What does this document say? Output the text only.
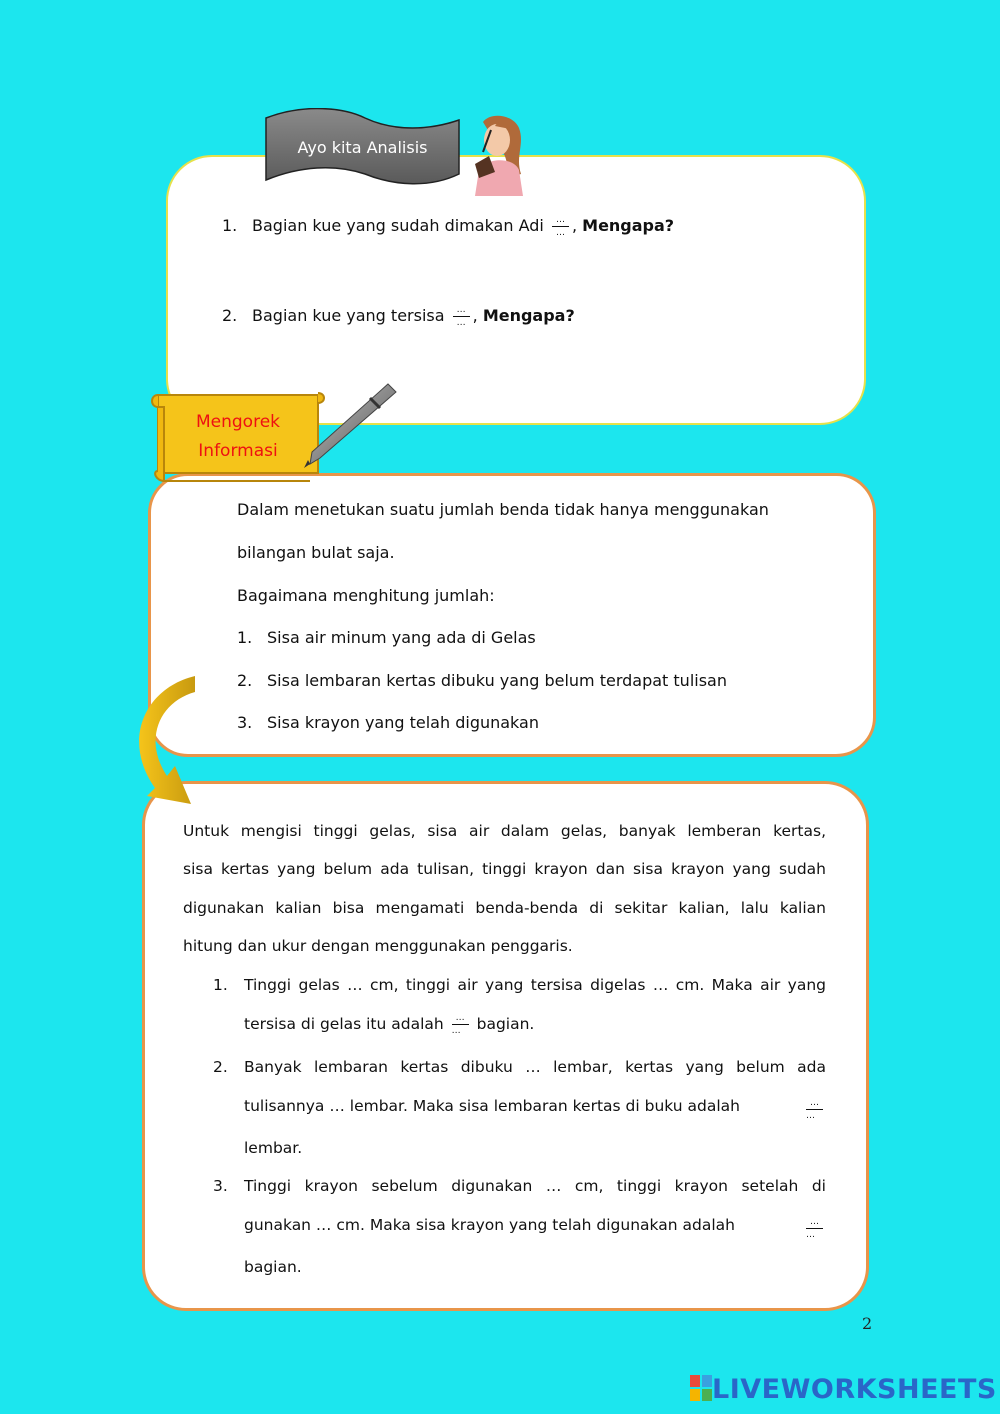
Ayo kita Analisis
1. Bagian kue yang sudah dimakan Adi $\frac{\dots}{\dots}$ , Mengapa?
2. Bagian kue yang tersisa $\frac{\dots}{\dots}$ , Mengapa?
Mengorek
Informasi
Dalam menetukan suatu jumlah benda tidak hanya menggunakan
bilangan bulat saja.
Bagaimana menghitung jumlah:
1. Sisa air minum yang ada di Gelas
2. Sisa lembaran kertas dibuku yang belum terdapat tulisan
3. Sisa krayon yang telah digunakan
Untuk mengisi tinggi gelas, sisa air dalam gelas, banyak lemberan kertas,
sisa kertas yang belum ada tulisan, tinggi krayon dan sisa krayon yang sudah
digunakan kalian bisa mengamati benda-benda di sekitar kalian, lalu kalian
hitung dan ukur dengan menggunakan penggaris.
1. Tinggi gelas … cm, tinggi air yang tersisa digelas … cm. Maka air yang
tersisa di gelas itu adalah $\frac{\dots}{\dots}$ bagian.
2. Banyak lembaran kertas dibuku … lembar, kertas yang belum ada
tulisannya … lembar. Maka sisa lembaran kertas di buku adalah	…
…
lembar.
3. Tinggi krayon sebelum digunakan … cm, tinggi krayon setelah di
gunakan … cm. Maka sisa krayon yang telah digunakan adalah	…
…
bagian.
2
LIVEWORKSHEETS
